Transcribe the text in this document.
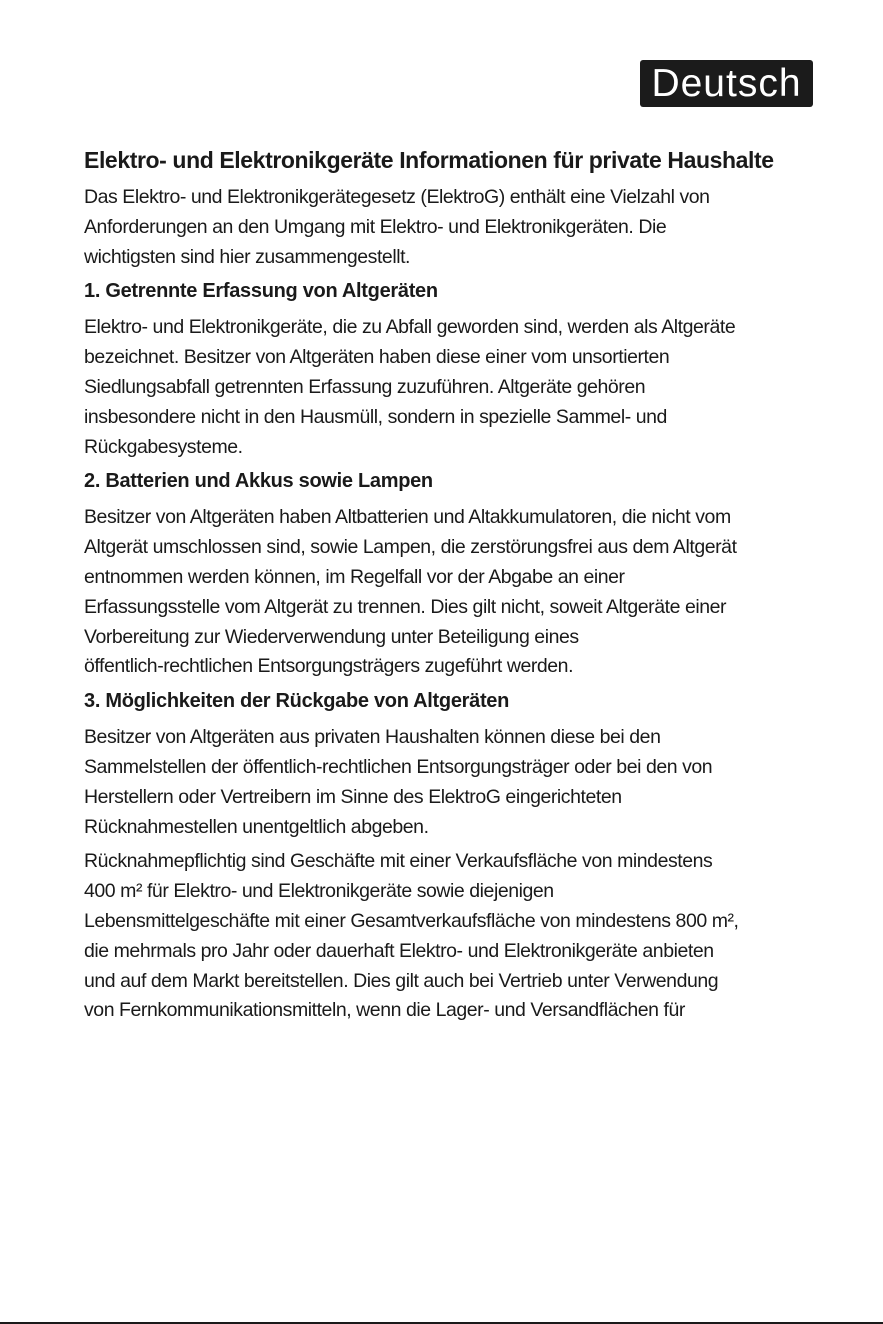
Deutsch
Elektro- und Elektronikgeräte Informationen für private Haushalte

Das Elektro- und Elektronikgerätegesetz (ElektroG) enthält eine Vielzahl von
Anforderungen an den Umgang mit Elektro- und Elektronikgeräten. Die
wichtigsten sind hier zusammengestellt.

1. Getrennte Erfassung von Altgeräten

Elektro- und Elektronikgeräte, die zu Abfall geworden sind, werden als Altgeräte
bezeichnet. Besitzer von Altgeräten haben diese einer vom unsortierten
Siedlungsabfall getrennten Erfassung zuzuführen. Altgeräte gehören
insbesondere nicht in den Hausmüll, sondern in spezielle Sammel- und
Rückgabesysteme.

2. Batterien und Akkus sowie Lampen

Besitzer von Altgeräten haben Altbatterien und Altakkumulatoren, die nicht vom
Altgerät umschlossen sind, sowie Lampen, die zerstörungsfrei aus dem Altgerät
entnommen werden können, im Regelfall vor der Abgabe an einer
Erfassungsstelle vom Altgerät zu trennen. Dies gilt nicht, soweit Altgeräte einer
Vorbereitung zur Wiederverwendung unter Beteiligung eines
öffentlich-rechtlichen Entsorgungsträgers zugeführt werden.

3. Möglichkeiten der Rückgabe von Altgeräten

Besitzer von Altgeräten aus privaten Haushalten können diese bei den
Sammelstellen der öffentlich-rechtlichen Entsorgungsträger oder bei den von
Herstellern oder Vertreibern im Sinne des ElektroG eingerichteten
Rücknahmestellen unentgeltlich abgeben.

Rücknahmepflichtig sind Geschäfte mit einer Verkaufsfläche von mindestens
400 m² für Elektro- und Elektronikgeräte sowie diejenigen
Lebensmittelgeschäfte mit einer Gesamtverkaufsfläche von mindestens 800 m²,
die mehrmals pro Jahr oder dauerhaft Elektro- und Elektronikgeräte anbieten
und auf dem Markt bereitstellen. Dies gilt auch bei Vertrieb unter Verwendung
von Fernkommunikationsmitteln, wenn die Lager- und Versandflächen für
